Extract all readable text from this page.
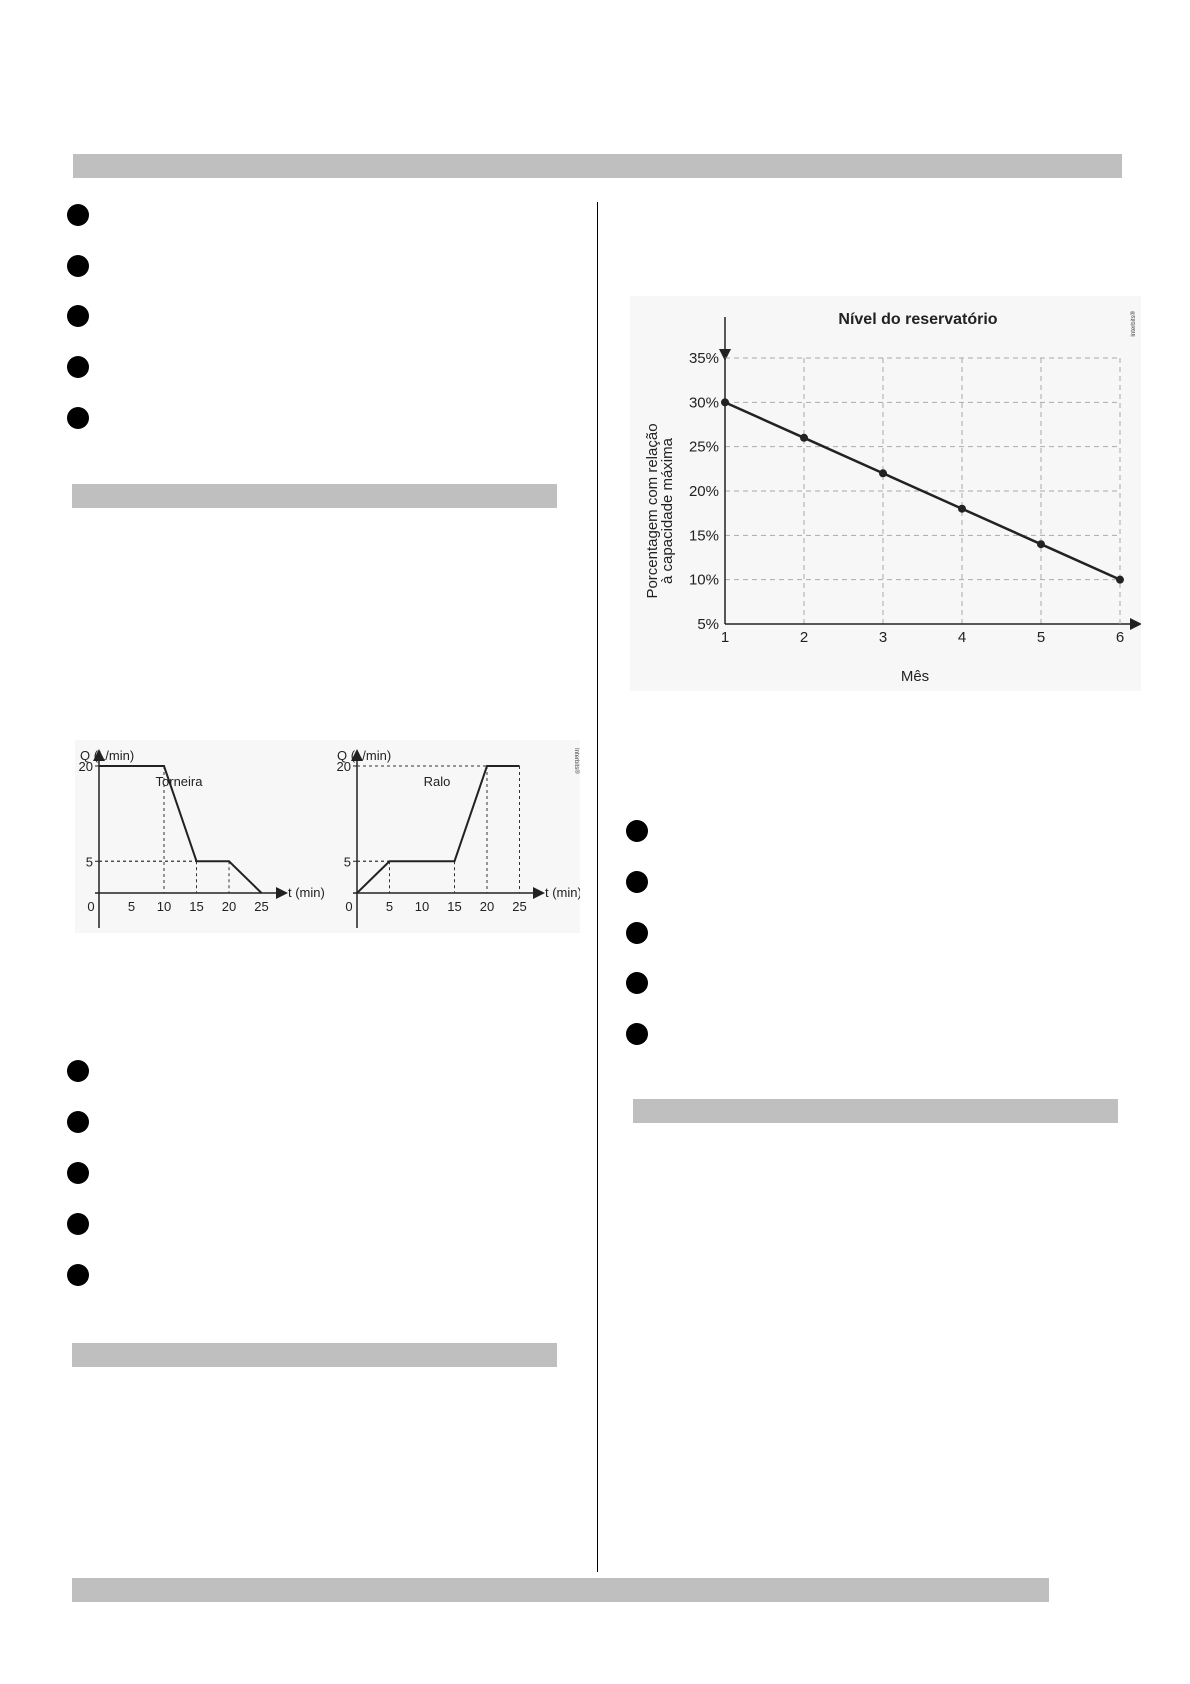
Q (L/min)
t (min)
Torneira
0	5 10 15 20 25
5
20
Q (L/min)
t (min)
Ralo
0	5 10 15 20 25
5
20	Interbits®
Nível do reservatório	Interbits®
Porcentagem com relação
à capacidade máxima
Mês
5%
10%
15%
20%
25%
30%
35%
1	2	3	4	5	6
